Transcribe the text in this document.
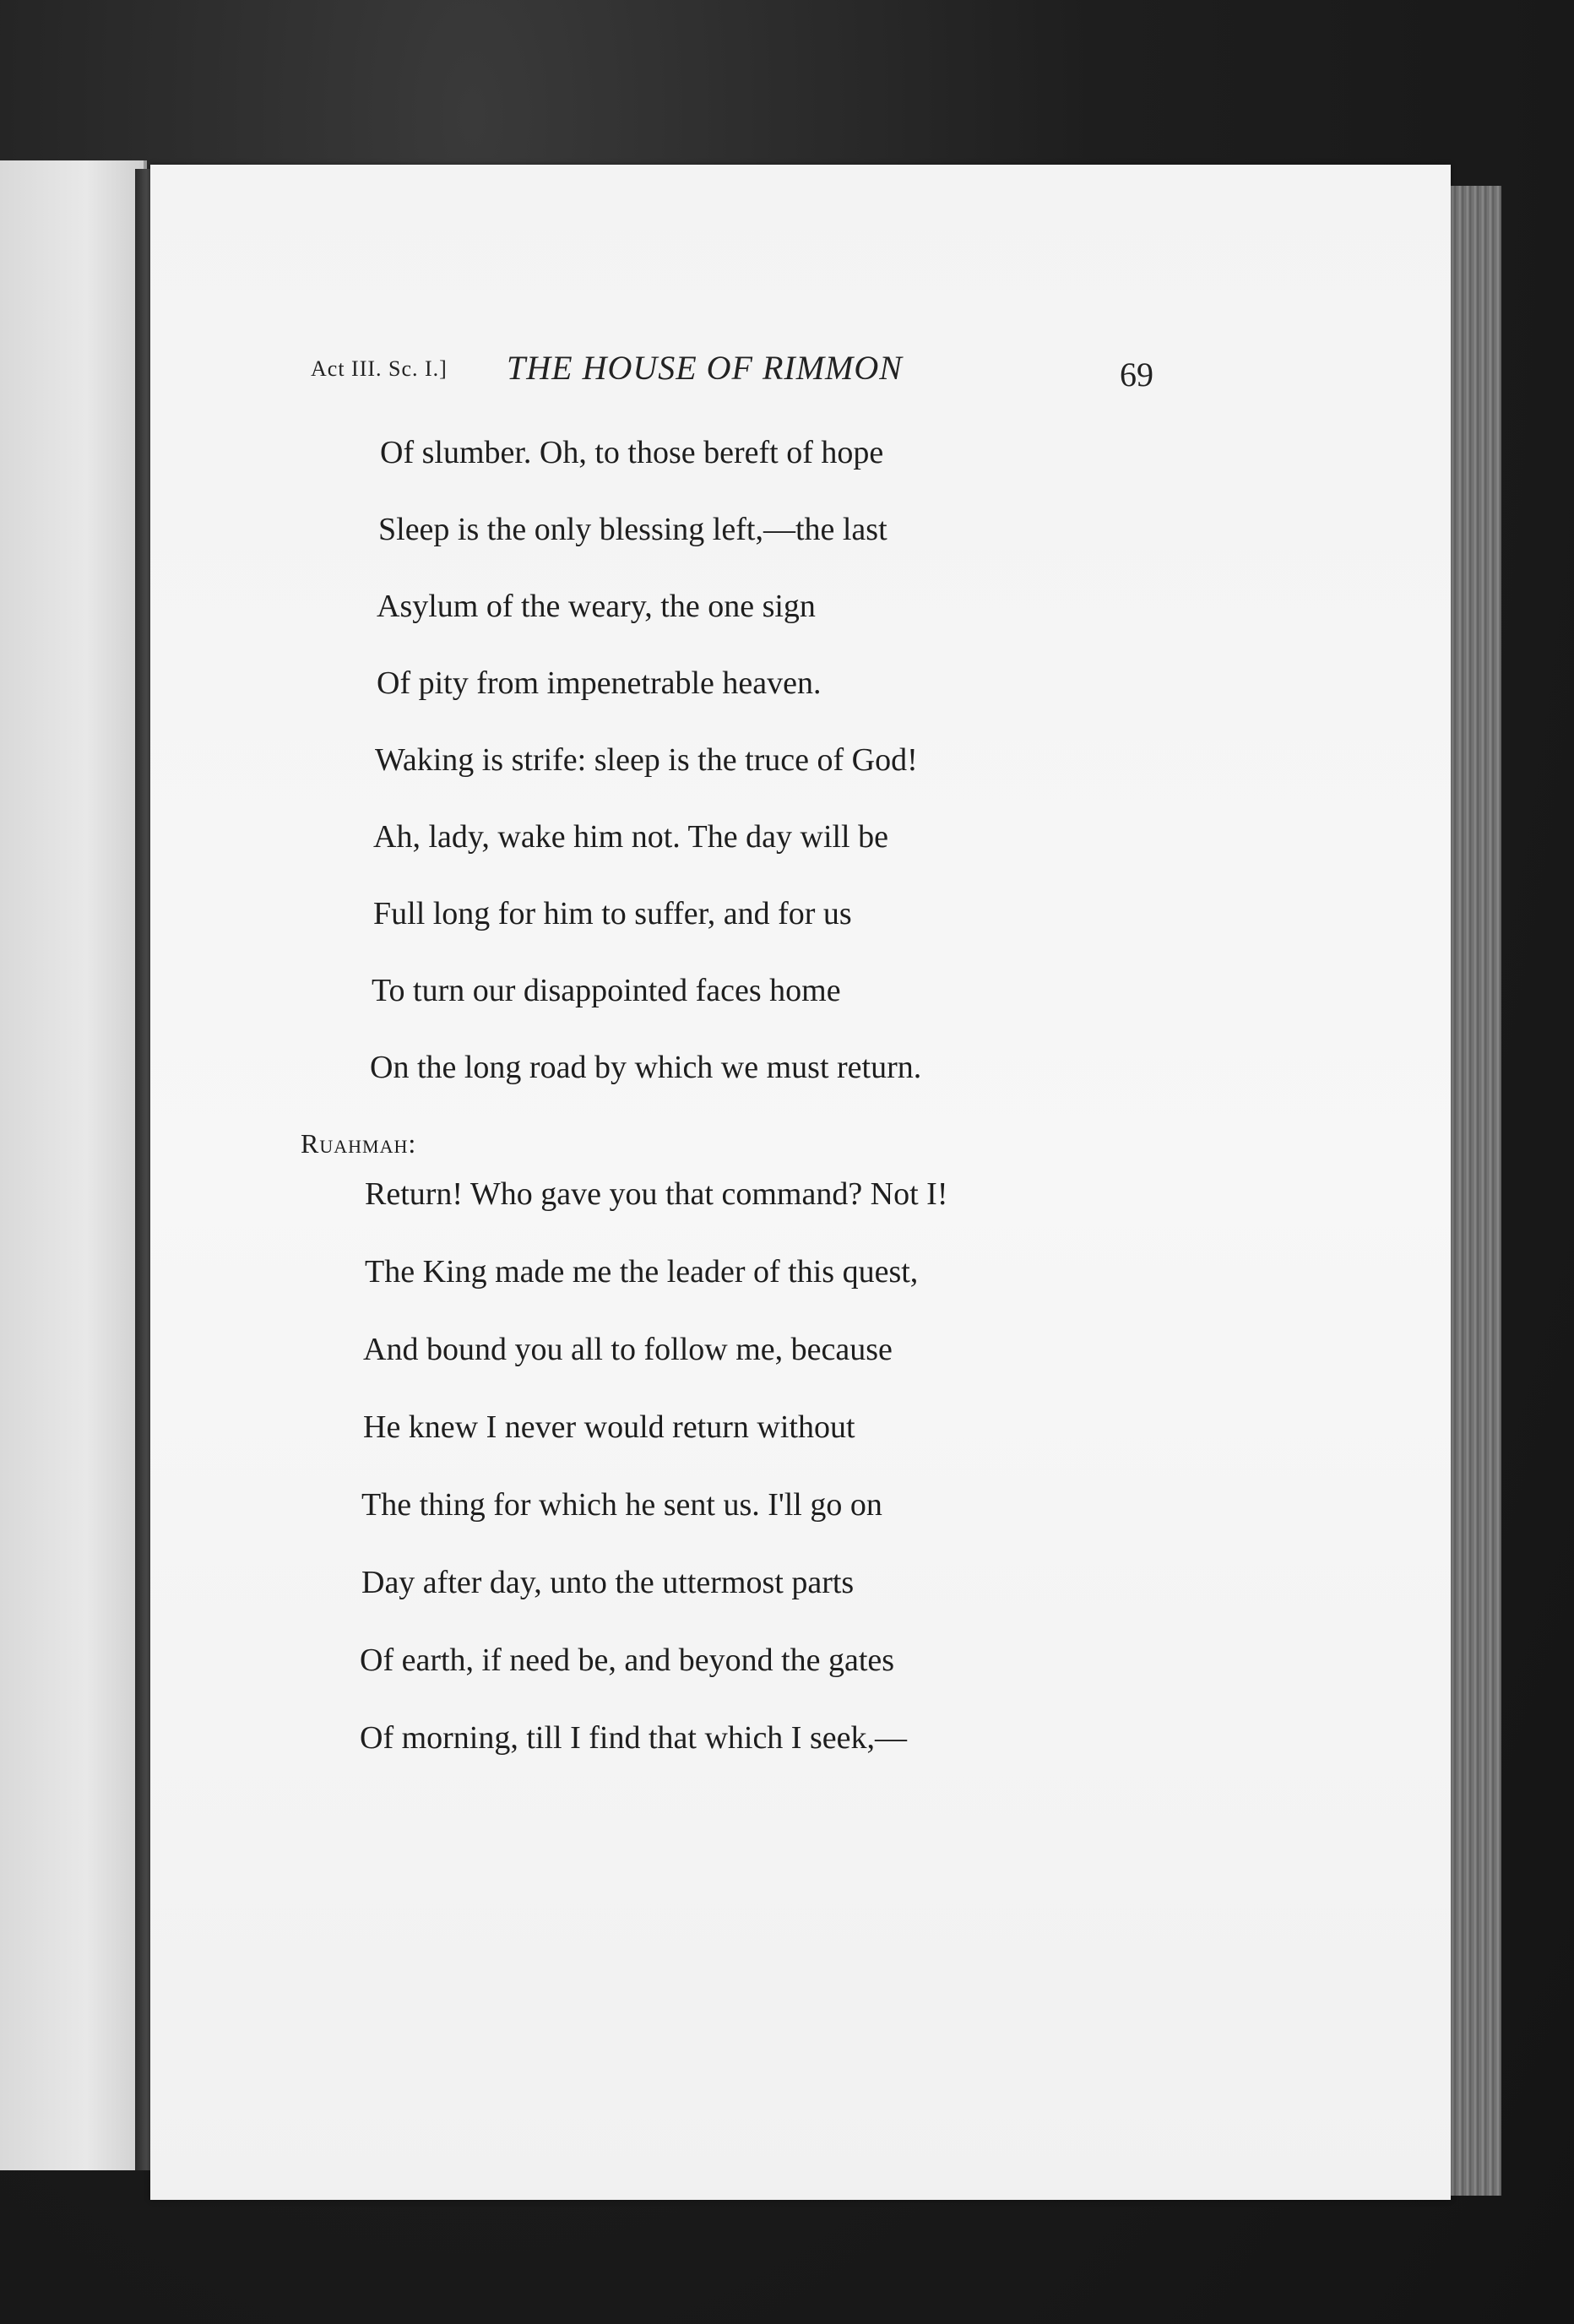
Act III. Sc. I.] THE HOUSE OF RIMMON	69
Of slumber. Oh, to those bereft of hope
Sleep is the only blessing left,—the last
Asylum of the weary, the one sign
Of pity from impenetrable heaven.
Waking is strife: sleep is the truce of God!
Ah, lady, wake him not. The day will be
Full long for him to suffer, and for us
To turn our disappointed faces home
On the long road by which we must return.
Ruahmah:
Return! Who gave you that command? Not I!
The King made me the leader of this quest,
And bound you all to follow me, because
He knew I never would return without
The thing for which he sent us. I'll go on
Day after day, unto the uttermost parts
Of earth, if need be, and beyond the gates
Of morning, till I find that which I seek,—
